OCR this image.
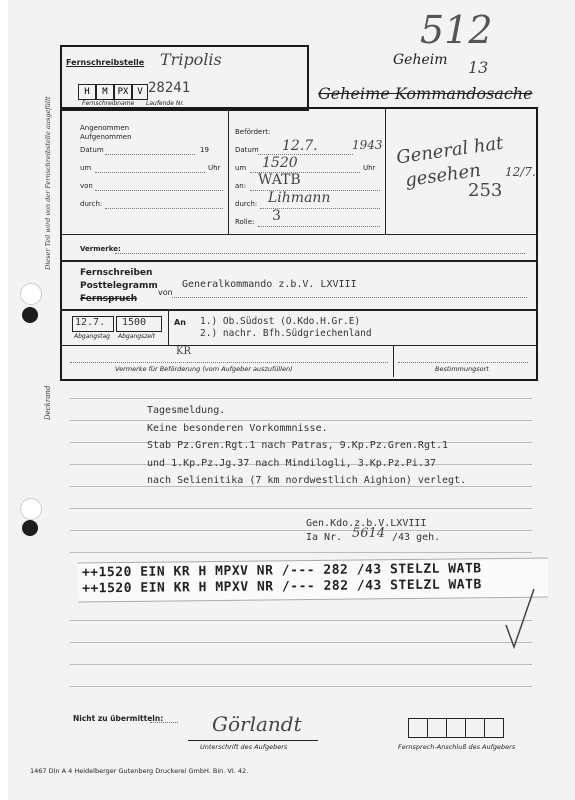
512
13
Fernschreibstelle Tripolis
H	M	PX V 28241
Fernschreibname Laufende Nr.
Geheim
Geheime Kommandosache
Dieser Teil wird von der Fernschreibstelle ausgefüllt	Angenommen
Aufgenommen
Datum	19
um	Uhr
von
durch:
Befördert:
Datum 12.7.	1943
um 1520	Uhr
an: WATB
durch: Lihmann
Rolle: 3
General hat
gesehen 12/7.
253
Vermerke:
Fernschreiben
Posttelegramm
Fernspruch
von
Generalkommando z.b.V. LXVIII
12.7. 1500
Abgangstag Abgangszeit
An 1.) Ob.Südost (O.Kdo.H.Gr.E)
2.) nachr. Bfh.Südgriechenland
KR
Vermerke für Beförderung (vom Aufgeber auszufüllen)	Bestimmungsort
Deckrand	Tagesmeldung.
Keine besonderen Vorkommnisse.
Stab Pz.Gren.Rgt.1 nach Patras, 9.Kp.Pz.Gren.Rgt.1
und 1.Kp.Pz.Jg.37 nach Mindilogli, 3.Kp.Pz.Pi.37
nach Selienitika (7 km nordwestlich Aighion) verlegt.
Gen.Kdo.z.b.V.LXVIII
Ia Nr. 5614 /43 geh.
++1520 EIN KR H MPXV NR /--- 282 /43 STELZL WATB
++1520 EIN KR H MPXV NR /--- 282 /43 STELZL WATB
Nicht zu übermitteln: Görlandt
Unterschrift des Aufgebers	Fernsprech-Anschluß des Aufgebers
1467 Din A 4 Heidelberger Gutenberg Druckerei GmbH. Bin. VI. 42.
